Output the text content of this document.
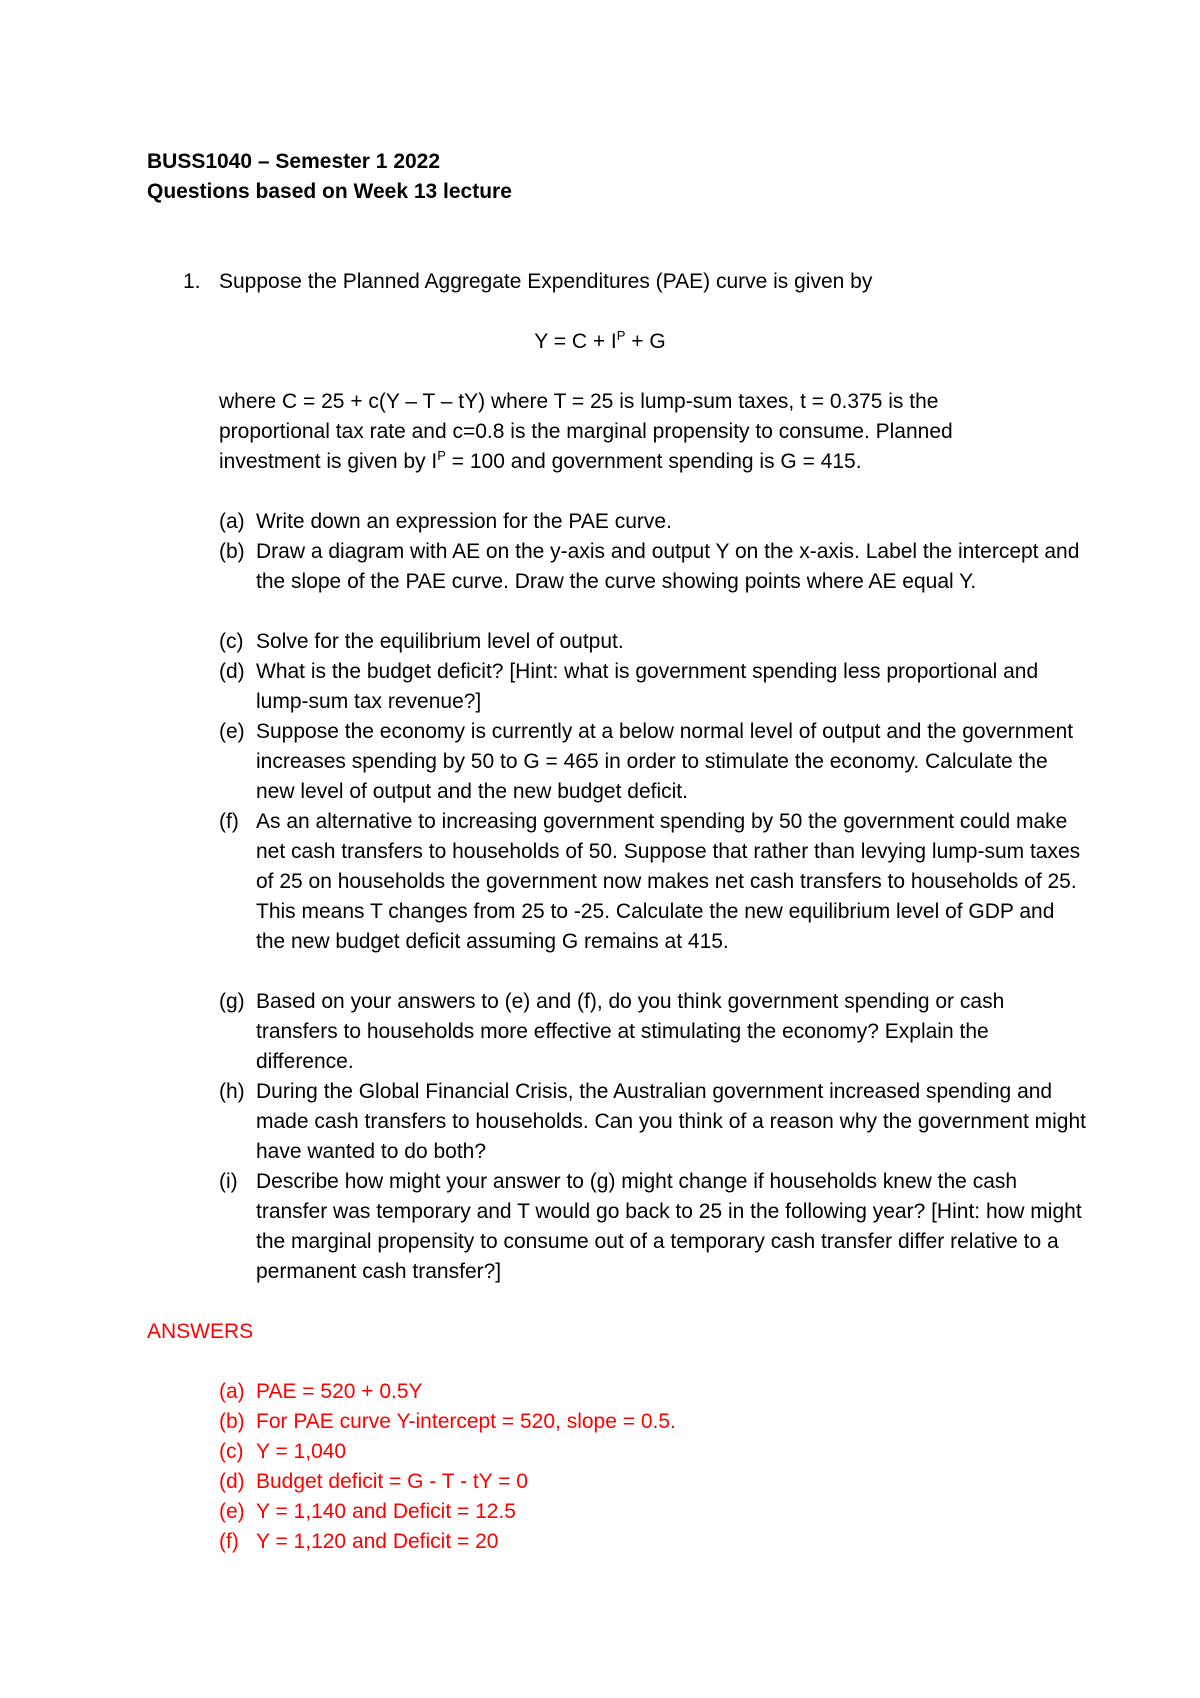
BUSS1040 – Semester 1 2022
Questions based on Week 13 lecture
1. Suppose the Planned Aggregate Expenditures (PAE) curve is given by
$Y = C + I^P + G$
where C = 25 + c(Y – T – tY) where T = 25 is lump-sum taxes, t = 0.375 is the
proportional tax rate and c=0.8 is the marginal propensity to consume. Planned
investment is given by $I^P = 100$ and government spending is G = 415.
(a) Write down an expression for the PAE curve.
(b) Draw a diagram with AE on the y-axis and output Y on the x-axis. Label the intercept and the slope of the PAE curve. Draw the curve showing points where AE equal Y.
(c) Solve for the equilibrium level of output.
(d) What is the budget deficit? [Hint: what is government spending less proportional and lump-sum tax revenue?]
(e) Suppose the economy is currently at a below normal level of output and the government increases spending by 50 to G = 465 in order to stimulate the economy. Calculate the new level of output and the new budget deficit.
(f) As an alternative to increasing government spending by 50 the government could make net cash transfers to households of 50. Suppose that rather than levying lump-sum taxes of 25 on households the government now makes net cash transfers to households of 25. This means T changes from 25 to -25. Calculate the new equilibrium level of GDP and the new budget deficit assuming G remains at 415.
(g) Based on your answers to (e) and (f), do you think government spending or cash transfers to households more effective at stimulating the economy? Explain the difference.
(h) During the Global Financial Crisis, the Australian government increased spending and made cash transfers to households. Can you think of a reason why the government might have wanted to do both?
(i) Describe how might your answer to (g) might change if households knew the cash transfer was temporary and T would go back to 25 in the following year? [Hint: how might the marginal propensity to consume out of a temporary cash transfer differ relative to a permanent cash transfer?]
ANSWERS
(a) PAE = 520 + 0.5Y
(b) For PAE curve Y-intercept = 520, slope = 0.5.
(c) Y = 1,040
(d) Budget deficit = G - T - tY = 0
(e) Y = 1,140 and Deficit = 12.5
(f) Y = 1,120 and Deficit = 20
